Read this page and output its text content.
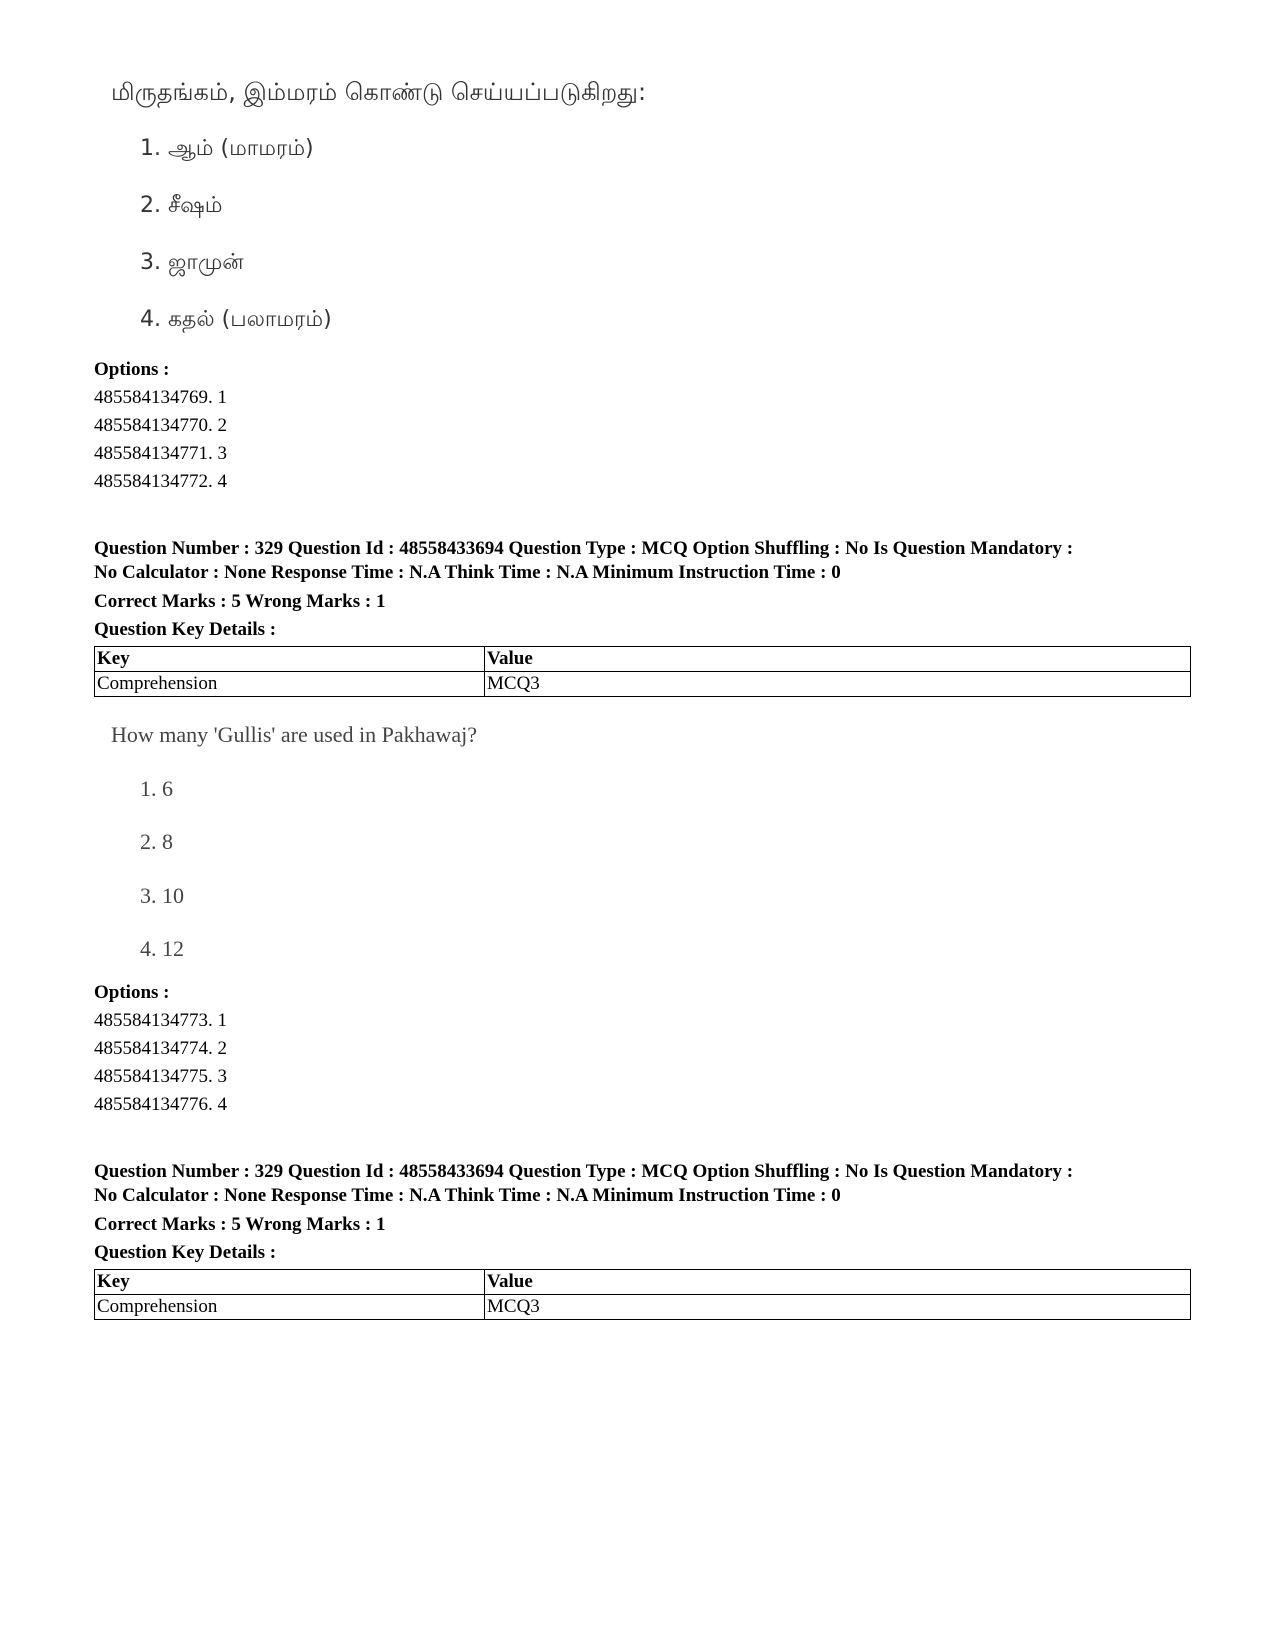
மிருதங்கம், இம்மரம் கொண்டு செய்யப்படுகிறது:
1. ஆம் (மாமரம்)
2. சீஷம்
3. ஜாமுன்
4. கதல் (பலாமரம்)
Options :
485584134769. 1
485584134770. 2
485584134771. 3
485584134772. 4
Question Number : 329 Question Id : 48558433694 Question Type : MCQ Option Shuffling : No Is Question Mandatory :
No Calculator : None Response Time : N.A Think Time : N.A Minimum Instruction Time : 0
Correct Marks : 5 Wrong Marks : 1
Question Key Details :
Key	Value
Comprehension	MCQ3
How many 'Gullis' are used in Pakhawaj?
1. 6
2. 8
3. 10
4. 12
Options :
485584134773. 1
485584134774. 2
485584134775. 3
485584134776. 4
Question Number : 329 Question Id : 48558433694 Question Type : MCQ Option Shuffling : No Is Question Mandatory :
No Calculator : None Response Time : N.A Think Time : N.A Minimum Instruction Time : 0
Correct Marks : 5 Wrong Marks : 1
Question Key Details :
Key	Value
Comprehension	MCQ3
